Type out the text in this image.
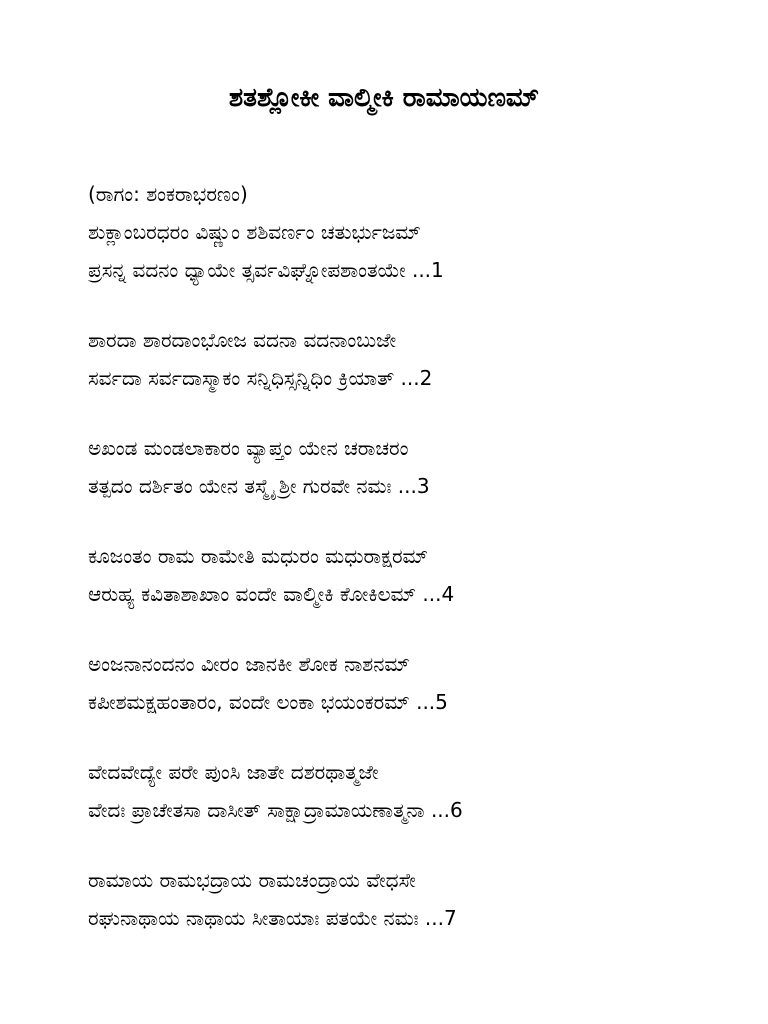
ಶತಶ್ಲೋಕೀ ವಾಲ್ಮೀಕಿ ರಾಮಾಯಣಮ್
(ರಾಗಂ: ಶಂಕರಾಭರಣಂ)
ಶುಕ್ಲಾಂಬರಧರಂ ವಿಷ್ಣುಂ ಶಶಿವರ್ಣಂ ಚತುರ್ಭುಜಮ್
ಪ್ರಸನ್ನ ವದನಂ ಧ್ಯಾಯೇ ತ್ಸರ್ವವಿಘ್ನೋಪಶಾಂತಯೇ ...1
ಶಾರದಾ ಶಾರದಾಂಭೋಜ ವದನಾ ವದನಾಂಬುಜೇ
ಸರ್ವದಾ ಸರ್ವದಾಸ್ಮಾಕಂ ಸನ್ನಿಧಿಸ್ಸನ್ನಿಧಿಂ ಕ್ರಿಯಾತ್ ...2
ಅಖಂಡ ಮಂಡಲಾಕಾರಂ ವ್ಯಾಪ್ತಂ ಯೇನ ಚರಾಚರಂ
ತತ್ಪದಂ ದರ್ಶಿತಂ ಯೇನ ತಸ್ಮೈ ಶ್ರೀ ಗುರವೇ ನಮಃ ...3
ಕೂಜಂತಂ ರಾಮ ರಾಮೇತಿ ಮಧುರಂ ಮಧುರಾಕ್ಷರಮ್
ಆರುಹ್ಯ ಕವಿತಾಶಾಖಾಂ ವಂದೇ ವಾಲ್ಮೀಕಿ ಕೋಕಿಲಮ್ ...4
ಅಂಜನಾನಂದನಂ ವೀರಂ ಜಾನಕೀ ಶೋಕ ನಾಶನಮ್
ಕಪೀಶಮಕ್ಷಹಂತಾರಂ, ವಂದೇ ಲಂಕಾ ಭಯಂಕರಮ್ ...5
ವೇದವೇದ್ಯೇ ಪರೇ ಪುಂಸಿ ಜಾತೇ ದಶರಥಾತ್ಮಜೇ
ವೇದಃ ಪ್ರಾಚೇತಸಾ ದಾಸೀತ್ ಸಾಕ್ಷಾದ್ರಾಮಾಯಣಾತ್ಮನಾ ...6
ರಾಮಾಯ ರಾಮಭದ್ರಾಯ ರಾಮಚಂದ್ರಾಯ ವೇಧಸೇ
ರಘುನಾಥಾಯ ನಾಥಾಯ ಸೀತಾಯಾಃ ಪತಯೇ ನಮಃ ...7
